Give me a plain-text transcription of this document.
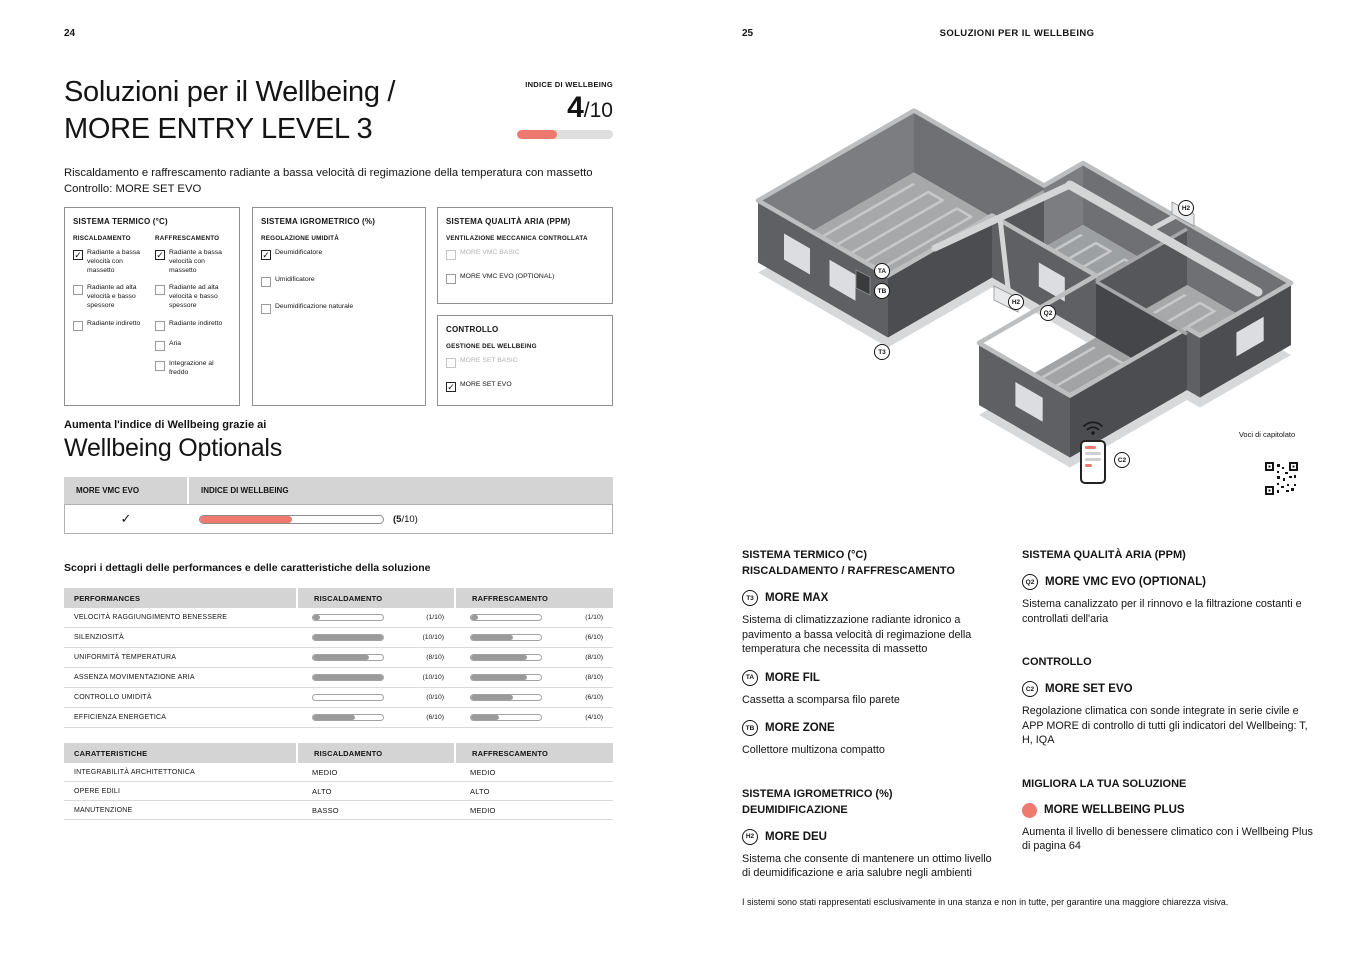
24
Soluzioni per il Wellbeing /
MORE ENTRY LEVEL 3
INDICE DI WELLBEING
4/10
Riscaldamento e raffrescamento radiante a bassa velocità di regimazione della temperatura con massetto
Controllo: MORE SET EVO
SISTEMA TERMICO (°C)
RISCALDAMENTO
✓ Radiante a bassa velocità con massetto
Radiante ad alta velocità e basso spessore
Radiante indiretto
RAFFRESCAMENTO
✓ Radiante a bassa velocità con massetto
Radiante ad alta velocità e basso spessore
Radiante indiretto
Aria
Integrazione al freddo
SISTEMA IGROMETRICO (%)
REGOLAZIONE UMIDITÀ
✓ Deumidificatore
Umidificatore
Deumidificazione naturale
SISTEMA QUALITÀ ARIA (PPM)
VENTILAZIONE MECCANICA CONTROLLATA
MORE VMC BASIC
MORE VMC EVO (OPTIONAL)
CONTROLLO
GESTIONE DEL WELLBEING
MORE SET BASIC
✓ MORE SET EVO
Aumenta l'indice di Wellbeing grazie ai
Wellbeing Optionals
MORE VMC EVO	INDICE DI WELLBEING
✓	(5/10)
Scopri i dettagli delle performances e delle caratteristiche della soluzione
PERFORMANCES	RISCALDAMENTO	RAFFRESCAMENTO
VELOCITÀ RAGGIUNGIMENTO BENESSERE	(1/10)	(1/10)
SILENZIOSITÀ	(10/10)	(6/10)
UNIFORMITÀ TEMPERATURA	(8/10)	(8/10)
ASSENZA MOVIMENTAZIONE ARIA	(10/10)	(8/10)
CONTROLLO UMIDITÀ	(0/10)	(6/10)
EFFICIENZA ENERGETICA	(6/10)	(4/10)
CARATTERISTICHE	RISCALDAMENTO	RAFFRESCAMENTO
INTEGRABILITÀ ARCHITETTONICA	MEDIO	MEDIO
OPERE EDILI	ALTO	ALTO
MANUTENZIONE	BASSO	MEDIO
25	SOLUZIONI PER IL WELLBEING
H2
TA
TB
H2
Q2
T3
C2
Voci di capitolato
SISTEMA TERMICO (°C)
RISCALDAMENTO / RAFFRESCAMENTO
T3 MORE MAX
Sistema di climatizzazione radiante idronico a pavimento a bassa velocità di regimazione della temperatura che necessita di massetto
TA MORE FIL
Cassetta a scomparsa filo parete
TB MORE ZONE
Collettore multizona compatto
SISTEMA IGROMETRICO (%)
DEUMIDIFICAZIONE
H2 MORE DEU
Sistema che consente di mantenere un ottimo livello di deumidificazione e aria salubre negli ambienti
SISTEMA QUALITÀ ARIA (PPM)
Q2 MORE VMC EVO (OPTIONAL)
Sistema canalizzato per il rinnovo e la filtrazione costanti e controllati dell'aria
CONTROLLO
C2 MORE SET EVO
Regolazione climatica con sonde integrate in serie civile e APP MORE di controllo di tutti gli indicatori del Wellbeing: T, H, IQA
MIGLIORA LA TUA SOLUZIONE
MORE WELLBEING PLUS
Aumenta il livello di benessere climatico con i Wellbeing Plus di pagina 64
I sistemi sono stati rappresentati esclusivamente in una stanza e non in tutte, per garantire una maggiore chiarezza visiva.
